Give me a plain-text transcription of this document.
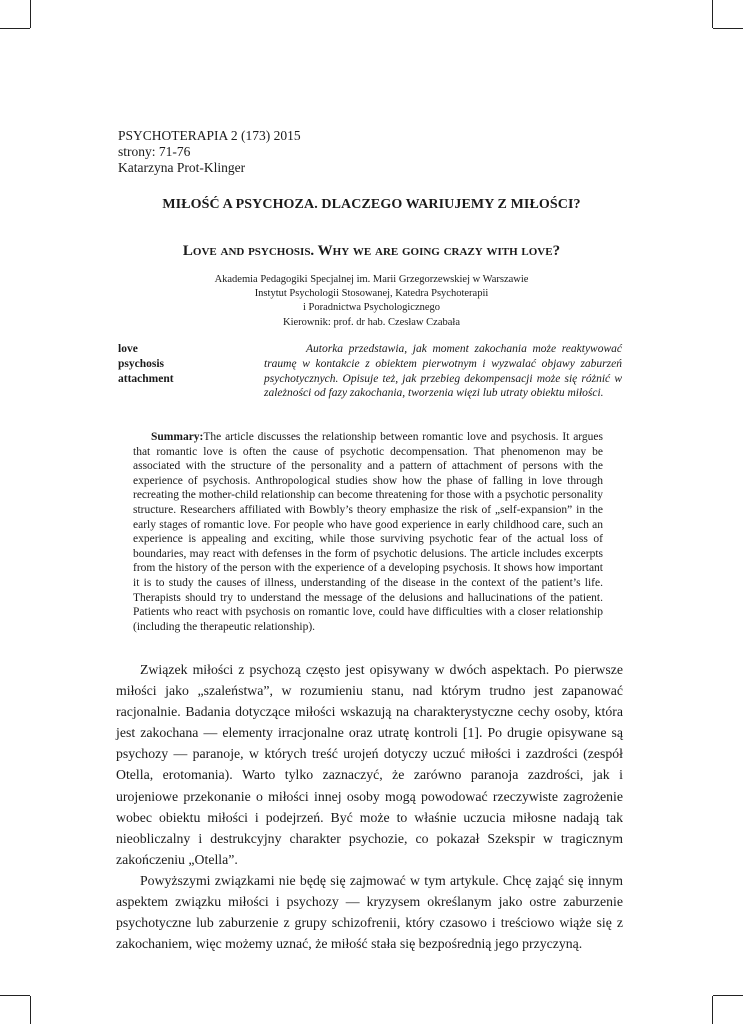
PSYCHOTERAPIA 2 (173) 2015
strony: 71-76
Katarzyna Prot-Klinger
MIŁOŚĆ A PSYCHOZA. DLACZEGO WARIUJEMY Z MIŁOŚCI?
Love and psychosis. Why we are going crazy with love?
Akademia Pedagogiki Specjalnej im. Marii Grzegorzewskiej w Warszawie
Instytut Psychologii Stosowanej, Katedra Psychoterapii
i Poradnictwa Psychologicznego
Kierownik: prof. dr hab. Czesław Czabała
love
psychosis
attachment
Autorka przedstawia, jak moment zakochania może reaktywować traumę w kontakcie z obiektem pierwotnym i wyzwalać objawy zaburzeń psychotycznych. Opisuje też, jak przebieg dekompensacji może się różnić w zależności od fazy zakochania, tworzenia więzi lub utraty obiektu miłości.
Summary:The article discusses the relationship between romantic love and psychosis. It argues that romantic love is often the cause of psychotic decompensation. That phenomenon may be associated with the structure of the personality and a pattern of attachment of persons with the experience of psychosis. Anthropological studies show how the phase of falling in love through recreating the mother-child relationship can become threatening for those with a psychotic personality structure. Researchers affiliated with Bowbly’s theory emphasize the risk of „self-expansion” in the early stages of romantic love. For people who have good experience in early childhood care, such an experience is appealing and exciting, while those surviving psychotic fear of the actual loss of boundaries, may react with defenses in the form of psychotic delusions. The article includes excerpts from the history of the person with the experience of a developing psychosis. It shows how important it is to study the causes of illness, understanding of the disease in the context of the patient’s life. Therapists should try to understand the message of the delusions and hallucinations of the patient. Patients who react with psychosis on romantic love, could have difficulties with a closer relationship (including the therapeutic relationship).

Związek miłości z psychozą często jest opisywany w dwóch aspektach. Po pierwsze miłości jako „szaleństwa”, w rozumieniu stanu, nad którym trudno jest zapanować racjonalnie. Badania dotyczące miłości wskazują na charakterystyczne cechy osoby, która jest zakochana — elementy irracjonalne oraz utratę kontroli [1]. Po drugie opisywane są psychozy — paranoje, w których treść urojeń dotyczy uczuć miłości i zazdrości (zespół Otella, erotomania). Warto tylko zaznaczyć, że zarówno paranoja zazdrości, jak i urojeniowe przekonanie o miłości innej osoby mogą powodować rzeczywiste zagrożenie wobec obiektu miłości i podejrzeń. Być może to właśnie uczucia miłosne nadają tak nieobliczalny i destrukcyjny charakter psychozie, co pokazał Szekspir w tragicznym zakończeniu „Otella”.

Powyższymi związkami nie będę się zajmować w tym artykule. Chcę zająć się innym aspektem związku miłości i psychozy — kryzysem określanym jako ostre zaburzenie psychotyczne lub zaburzenie z grupy schizofrenii, który czasowo i treściowo wiąże się z zakochaniem, więc możemy uznać, że miłość stała się bezpośrednią jego przyczyną.
